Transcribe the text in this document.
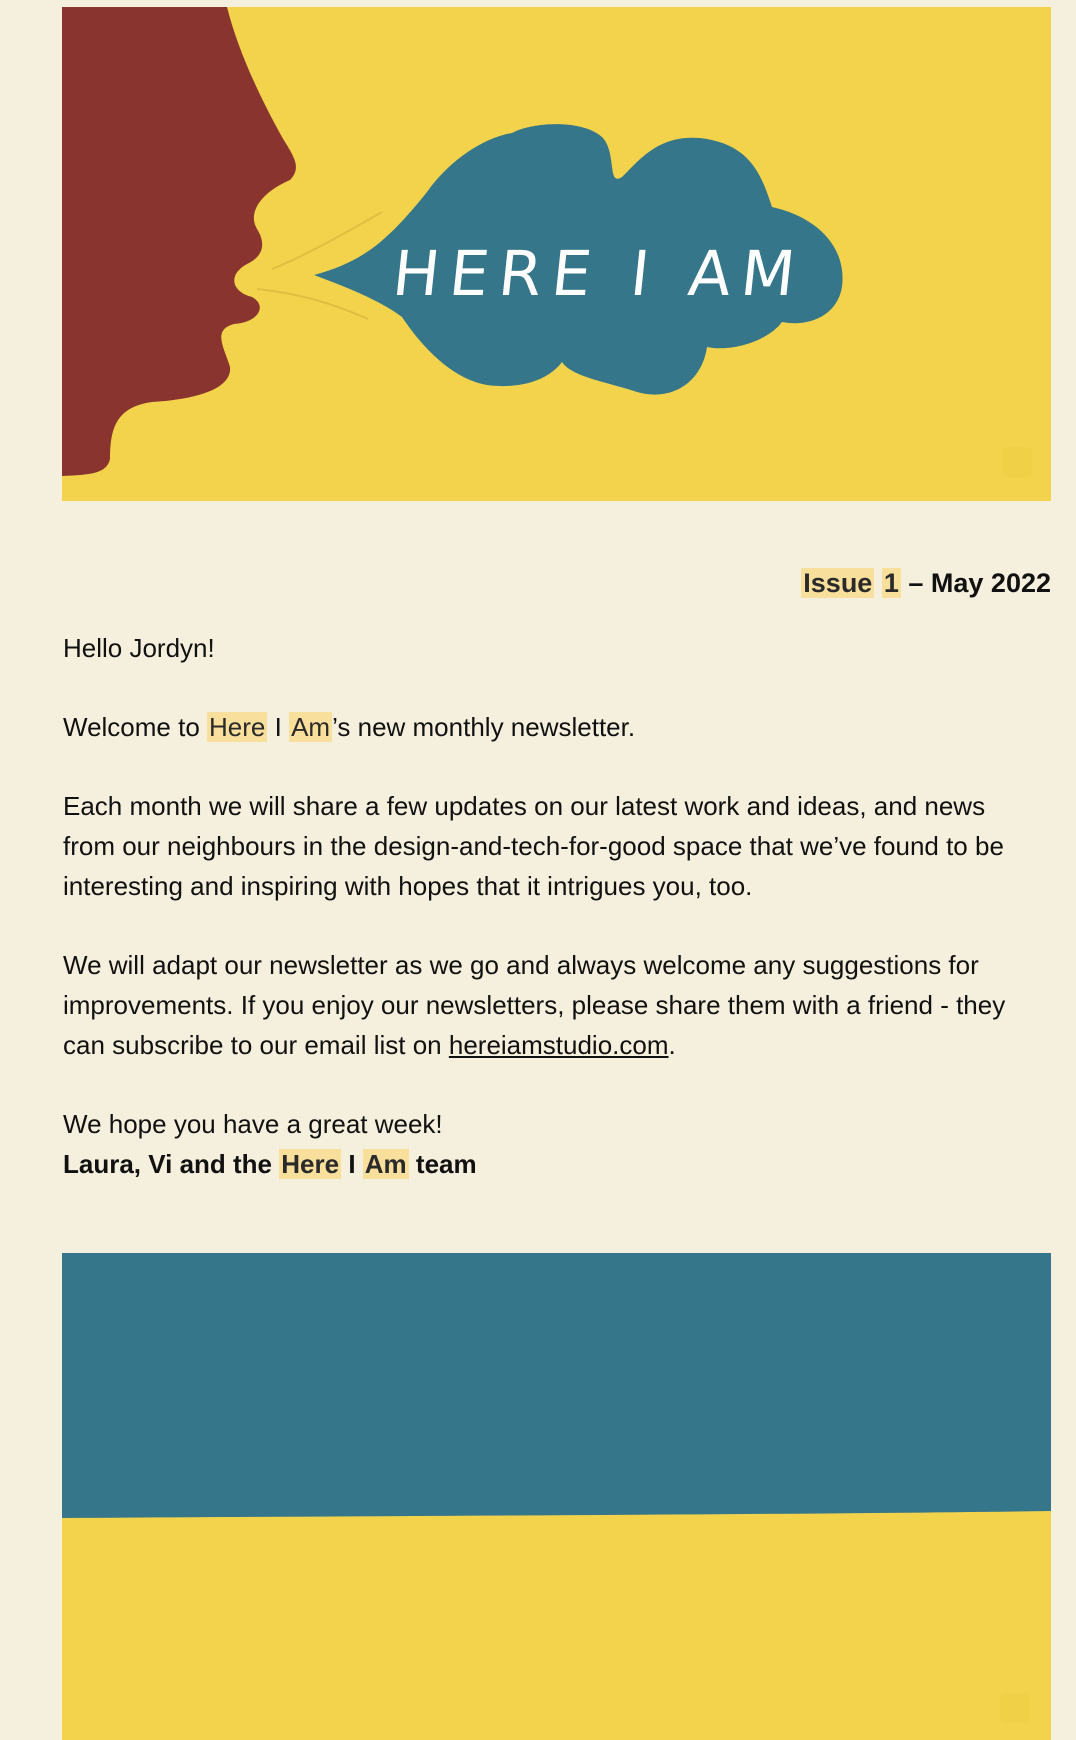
HERE I AM
Issue 1 – May 2022

Hello Jordyn!

Welcome to Here I Am’s new monthly newsletter.

Each month we will share a few updates on our latest work and ideas, and news from our neighbours in the design-and-tech-for-good space that we’ve found to be interesting and inspiring with hopes that it intrigues you, too.

We will adapt our newsletter as we go and always welcome any suggestions for improvements. If you enjoy our newsletters, please share them with a friend - they can subscribe to our email list on hereiamstudio.com.

We hope you have a great week!

Laura, Vi and the Here I Am team
